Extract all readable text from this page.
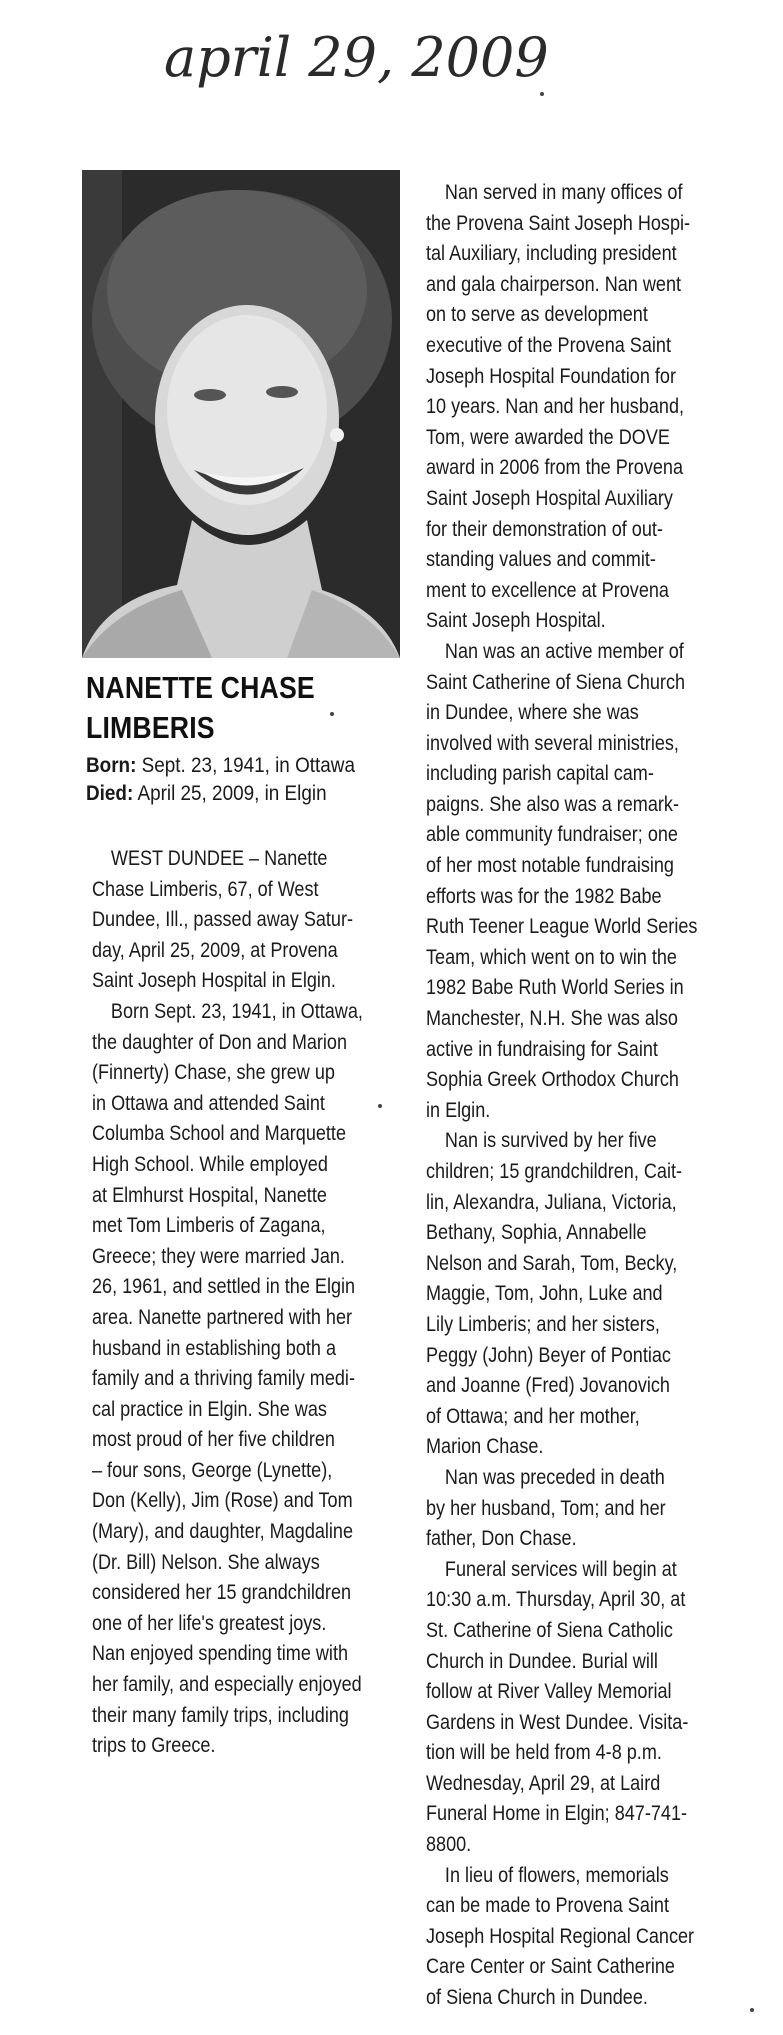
april 29, 2009
NANETTE CHASE
LIMBERIS
Born: Sept. 23, 1941, in Ottawa
Died: April 25, 2009, in Elgin
WEST DUNDEE – Nanette
Chase Limberis, 67, of West
Dundee, Ill., passed away Satur-
day, April 25, 2009, at Provena
Saint Joseph Hospital in Elgin.
Born Sept. 23, 1941, in Ottawa,
the daughter of Don and Marion
(Finnerty) Chase, she grew up
in Ottawa and attended Saint
Columba School and Marquette
High School. While employed
at Elmhurst Hospital, Nanette
met Tom Limberis of Zagana,
Greece; they were married Jan.
26, 1961, and settled in the Elgin
area. Nanette partnered with her
husband in establishing both a
family and a thriving family medi-
cal practice in Elgin. She was
most proud of her five children
– four sons, George (Lynette),
Don (Kelly), Jim (Rose) and Tom
(Mary), and daughter, Magdaline
(Dr. Bill) Nelson. She always
considered her 15 grandchildren
one of her life's greatest joys.
Nan enjoyed spending time with
her family, and especially enjoyed
their many family trips, including
trips to Greece.
Nan served in many offices of
the Provena Saint Joseph Hospi-
tal Auxiliary, including president
and gala chairperson. Nan went
on to serve as development
executive of the Provena Saint
Joseph Hospital Foundation for
10 years. Nan and her husband,
Tom, were awarded the DOVE
award in 2006 from the Provena
Saint Joseph Hospital Auxiliary
for their demonstration of out-
standing values and commit-
ment to excellence at Provena
Saint Joseph Hospital.
Nan was an active member of
Saint Catherine of Siena Church
in Dundee, where she was
involved with several ministries,
including parish capital cam-
paigns. She also was a remark-
able community fundraiser; one
of her most notable fundraising
efforts was for the 1982 Babe
Ruth Teener League World Series
Team, which went on to win the
1982 Babe Ruth World Series in
Manchester, N.H. She was also
active in fundraising for Saint
Sophia Greek Orthodox Church
in Elgin.
Nan is survived by her five
children; 15 grandchildren, Cait-
lin, Alexandra, Juliana, Victoria,
Bethany, Sophia, Annabelle
Nelson and Sarah, Tom, Becky,
Maggie, Tom, John, Luke and
Lily Limberis; and her sisters,
Peggy (John) Beyer of Pontiac
and Joanne (Fred) Jovanovich
of Ottawa; and her mother,
Marion Chase.
Nan was preceded in death
by her husband, Tom; and her
father, Don Chase.
Funeral services will begin at
10:30 a.m. Thursday, April 30, at
St. Catherine of Siena Catholic
Church in Dundee. Burial will
follow at River Valley Memorial
Gardens in West Dundee. Visita-
tion will be held from 4-8 p.m.
Wednesday, April 29, at Laird
Funeral Home in Elgin; 847-741-
8800.
In lieu of flowers, memorials
can be made to Provena Saint
Joseph Hospital Regional Cancer
Care Center or Saint Catherine
of Siena Church in Dundee.
